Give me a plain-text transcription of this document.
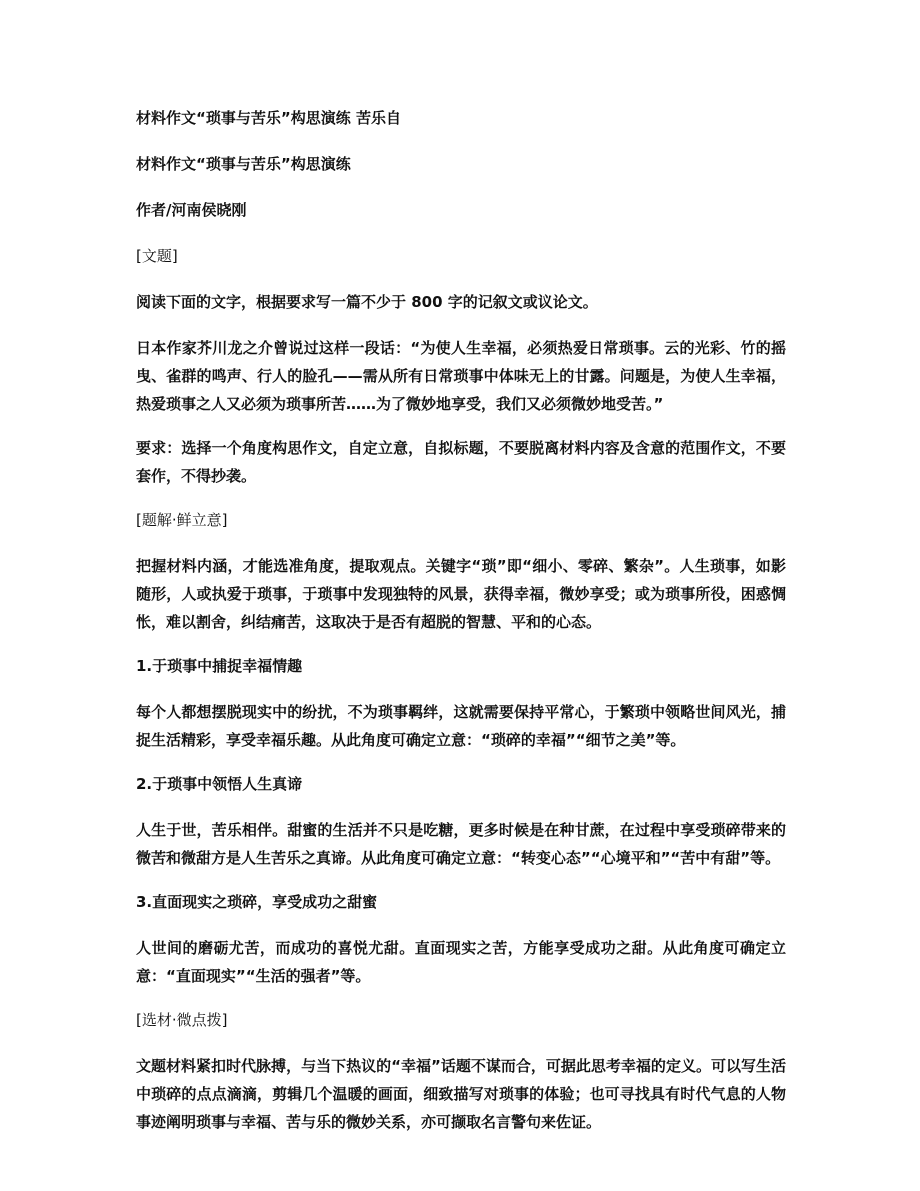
材料作文“琐事与苦乐”构思演练 苦乐自

材料作文“琐事与苦乐”构思演练

作者/河南侯晓刚

[文题]

阅读下面的文字，根据要求写一篇不少于 800 字的记叙文或议论文。

日本作家芥川龙之介曾说过这样一段话：“为使人生幸福，必须热爱日常琐事。云的光彩、竹的摇曳、雀群的鸣声、行人的脸孔——需从所有日常琐事中体味无上的甘露。问题是，为使人生幸福，热爱琐事之人又必须为琐事所苦……为了微妙地享受，我们又必须微妙地受苦。”

要求：选择一个角度构思作文，自定立意，自拟标题，不要脱离材料内容及含意的范围作文，不要套作，不得抄袭。

[题解·鲜立意]

把握材料内涵，才能选准角度，提取观点。关键字“琐”即“细小、零碎、繁杂”。人生琐事，如影随形，人或执爱于琐事，于琐事中发现独特的风景，获得幸福，微妙享受；或为琐事所役，困惑惆怅，难以割舍，纠结痛苦，这取决于是否有超脱的智慧、平和的心态。

1.于琐事中捕捉幸福情趣

每个人都想摆脱现实中的纷扰，不为琐事羁绊，这就需要保持平常心，于繁琐中领略世间风光，捕捉生活精彩，享受幸福乐趣。从此角度可确定立意：“琐碎的幸福”“细节之美”等。

2.于琐事中领悟人生真谛

人生于世，苦乐相伴。甜蜜的生活并不只是吃糖，更多时候是在种甘蔗，在过程中享受琐碎带来的微苦和微甜方是人生苦乐之真谛。从此角度可确定立意：“转变心态”“心境平和”“苦中有甜”等。

3.直面现实之琐碎，享受成功之甜蜜

人世间的磨砺尤苦，而成功的喜悦尤甜。直面现实之苦，方能享受成功之甜。从此角度可确定立意：“直面现实”“生活的强者”等。

[选材·微点拨]

文题材料紧扣时代脉搏，与当下热议的“幸福”话题不谋而合，可据此思考幸福的定义。可以写生活中琐碎的点点滴滴，剪辑几个温暖的画面，细致描写对琐事的体验；也可寻找具有时代气息的人物事迹阐明琐事与幸福、苦与乐的微妙关系，亦可撷取名言警句来佐证。
